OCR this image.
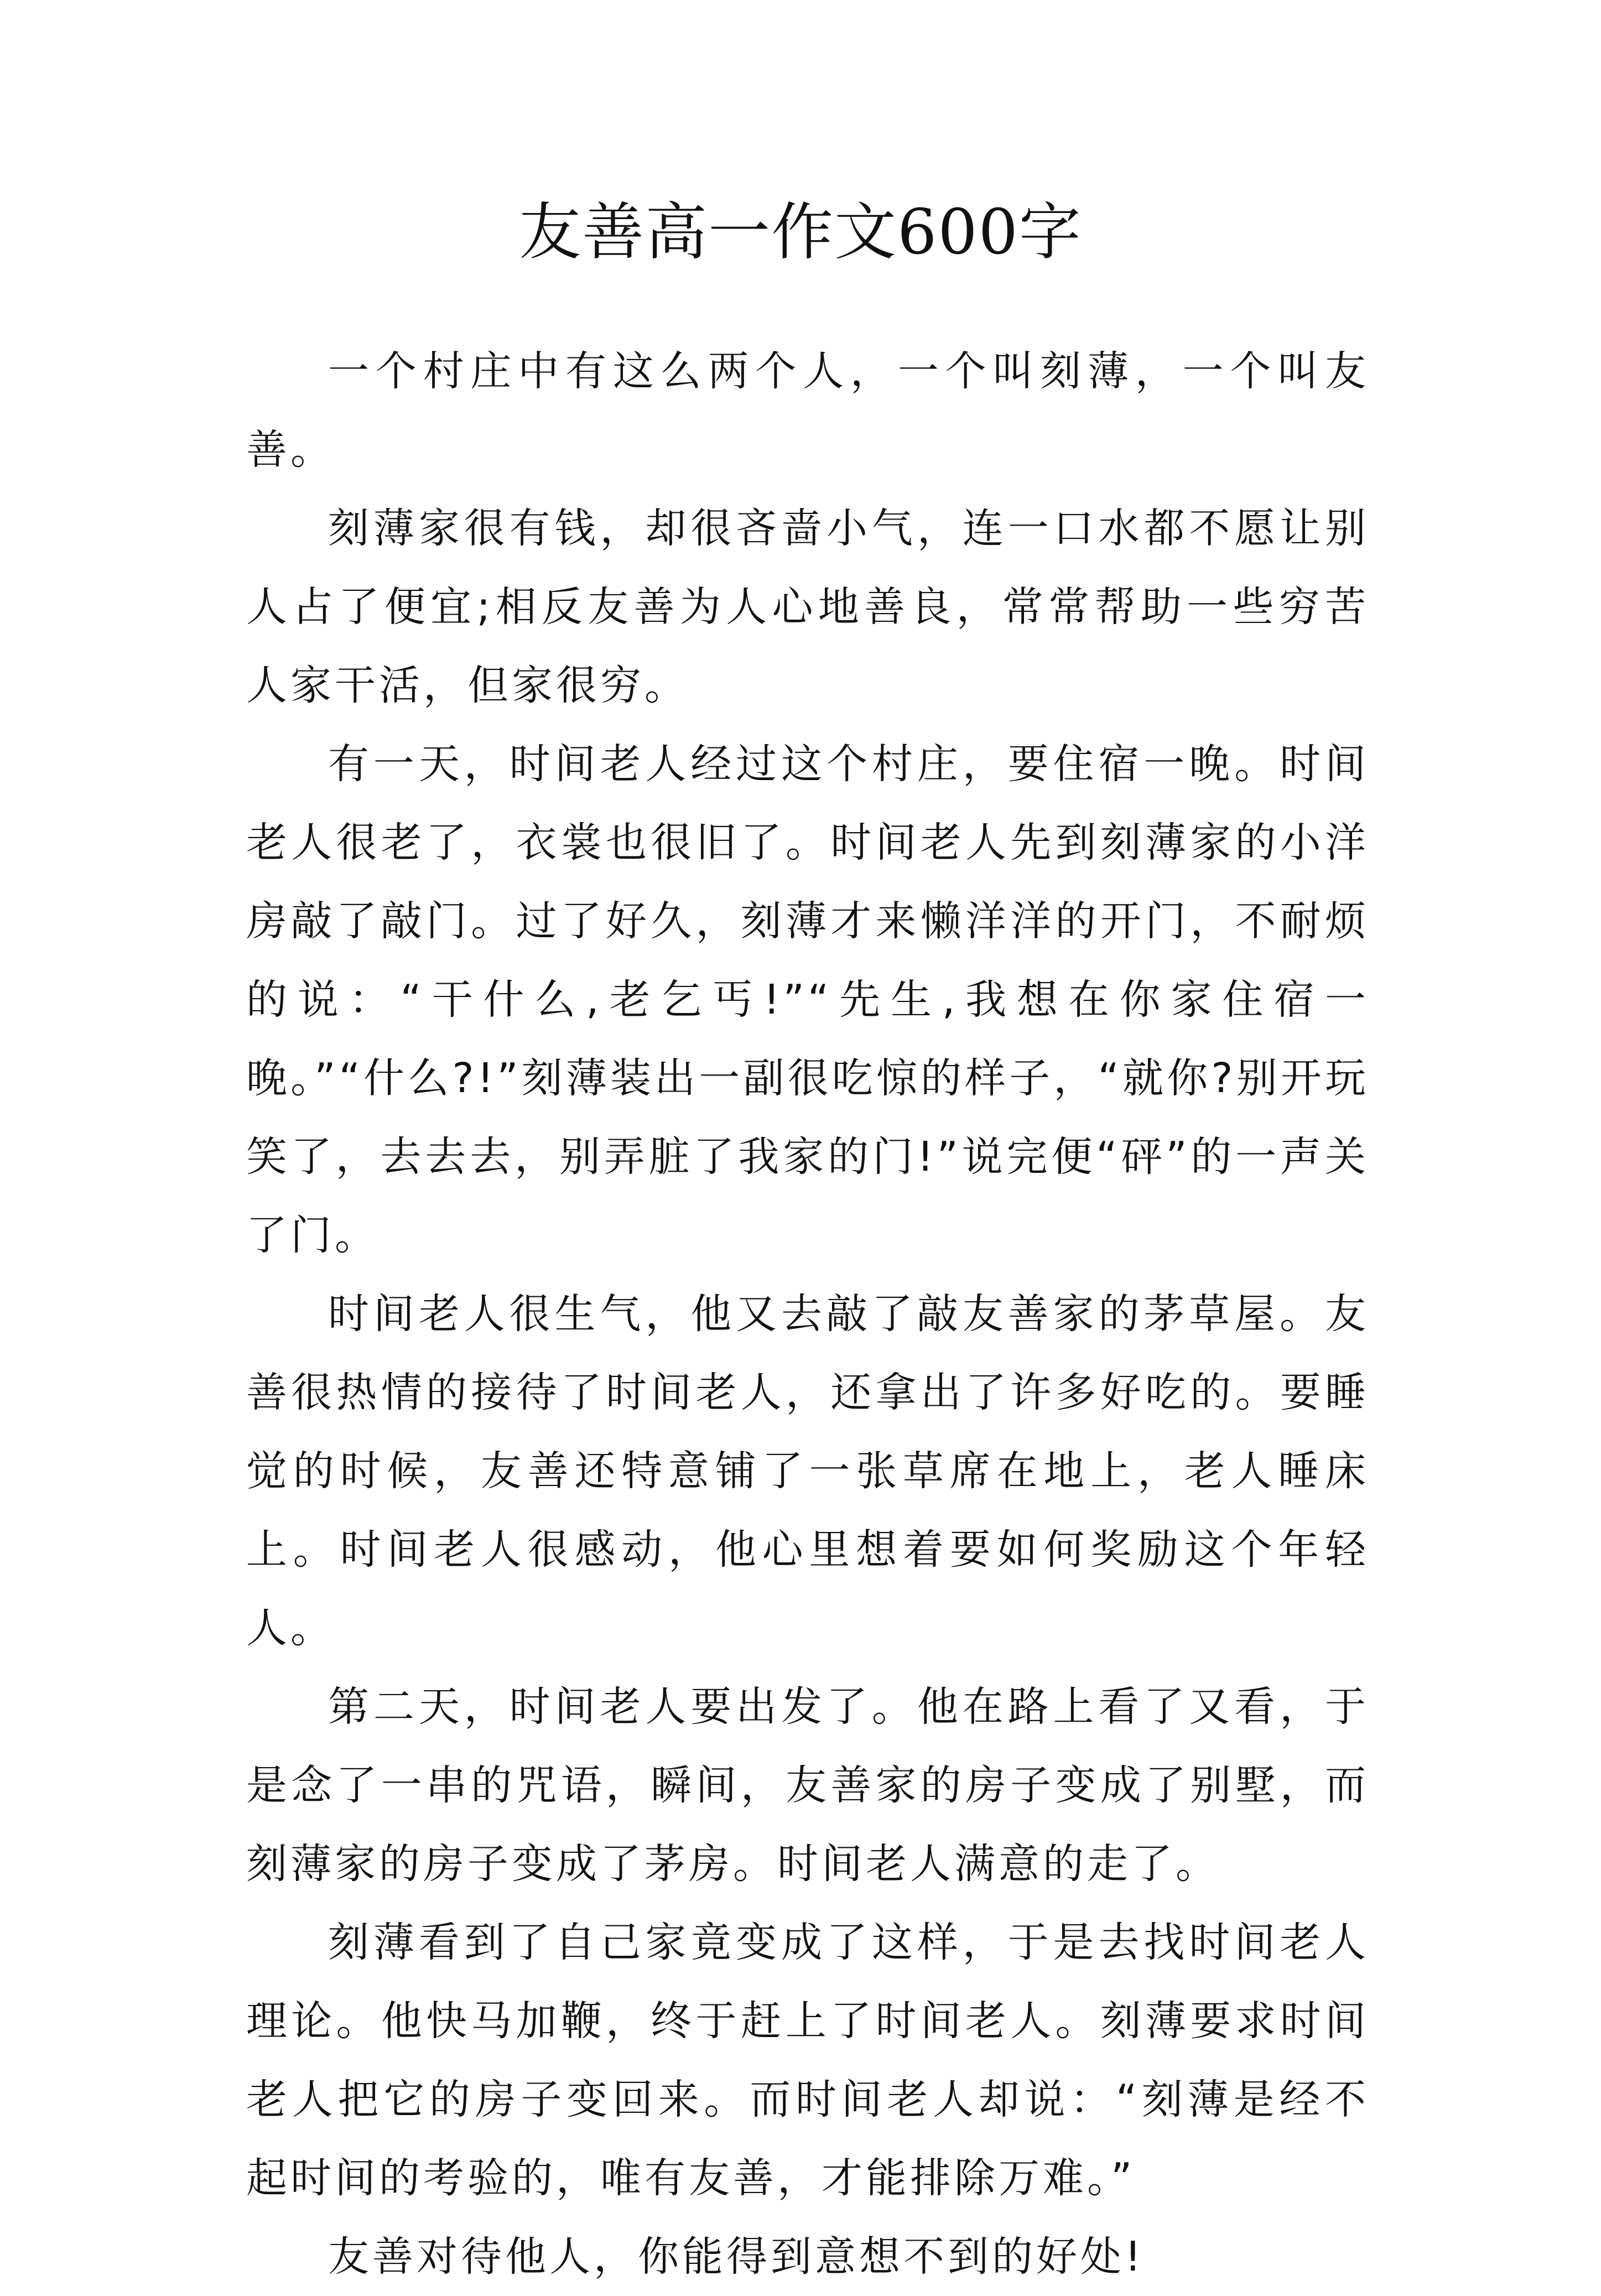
友善高一作文600字

一个村庄中有这么两个人，一个叫刻薄，一个叫友善。

刻薄家很有钱，却很吝啬小气，连一口水都不愿让别人占了便宜;相反友善为人心地善良，常常帮助一些穷苦人家干活，但家很穷。

有一天，时间老人经过这个村庄，要住宿一晚。时间老人很老了，衣裳也很旧了。时间老人先到刻薄家的小洋房敲了敲门。过了好久，刻薄才来懒洋洋的开门，不耐烦的说：“干什么,老乞丐!”“先生,我想在你家住宿一晚。”“什么?!”刻薄装出一副很吃惊的样子，“就你?别开玩笑了，去去去，别弄脏了我家的门!”说完便“砰”的一声关了门。

时间老人很生气，他又去敲了敲友善家的茅草屋。友善很热情的接待了时间老人，还拿出了许多好吃的。要睡觉的时候，友善还特意铺了一张草席在地上，老人睡床上。时间老人很感动，他心里想着要如何奖励这个年轻人。

第二天，时间老人要出发了。他在路上看了又看，于是念了一串的咒语，瞬间，友善家的房子变成了别墅，而刻薄家的房子变成了茅房。时间老人满意的走了。

刻薄看到了自己家竟变成了这样，于是去找时间老人理论。他快马加鞭，终于赶上了时间老人。刻薄要求时间老人把它的房子变回来。而时间老人却说：“刻薄是经不起时间的考验的，唯有友善，才能排除万难。”

友善对待他人，你能得到意想不到的好处!
